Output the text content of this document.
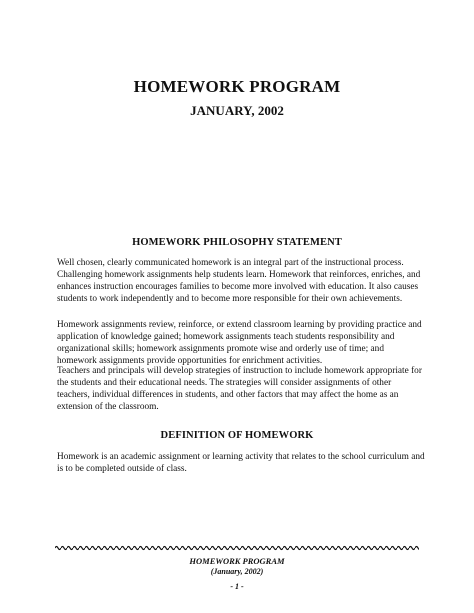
HOMEWORK PROGRAM
JANUARY, 2002
HOMEWORK PHILOSOPHY STATEMENT

Well chosen, clearly communicated homework is an integral part of the instructional process. Challenging homework assignments help students learn. Homework that reinforces, enriches, and enhances instruction encourages families to become more involved with education. It also causes students to work independently and to become more responsible for their own achievements.

Homework assignments review, reinforce, or extend classroom learning by providing practice and application of knowledge gained; homework assignments teach students responsibility and organizational skills; homework assignments promote wise and orderly use of time; and homework assignments provide opportunities for enrichment activities.

Teachers and principals will develop strategies of instruction to include homework appropriate for the students and their educational needs. The strategies will consider assignments of other teachers, individual differences in students, and other factors that may affect the home as an extension of the classroom.

DEFINITION OF HOMEWORK

Homework is an academic assignment or learning activity that relates to the school curriculum and is to be completed outside of class.

HOMEWORK PROGRAM
(January, 2002)
- 1 -
